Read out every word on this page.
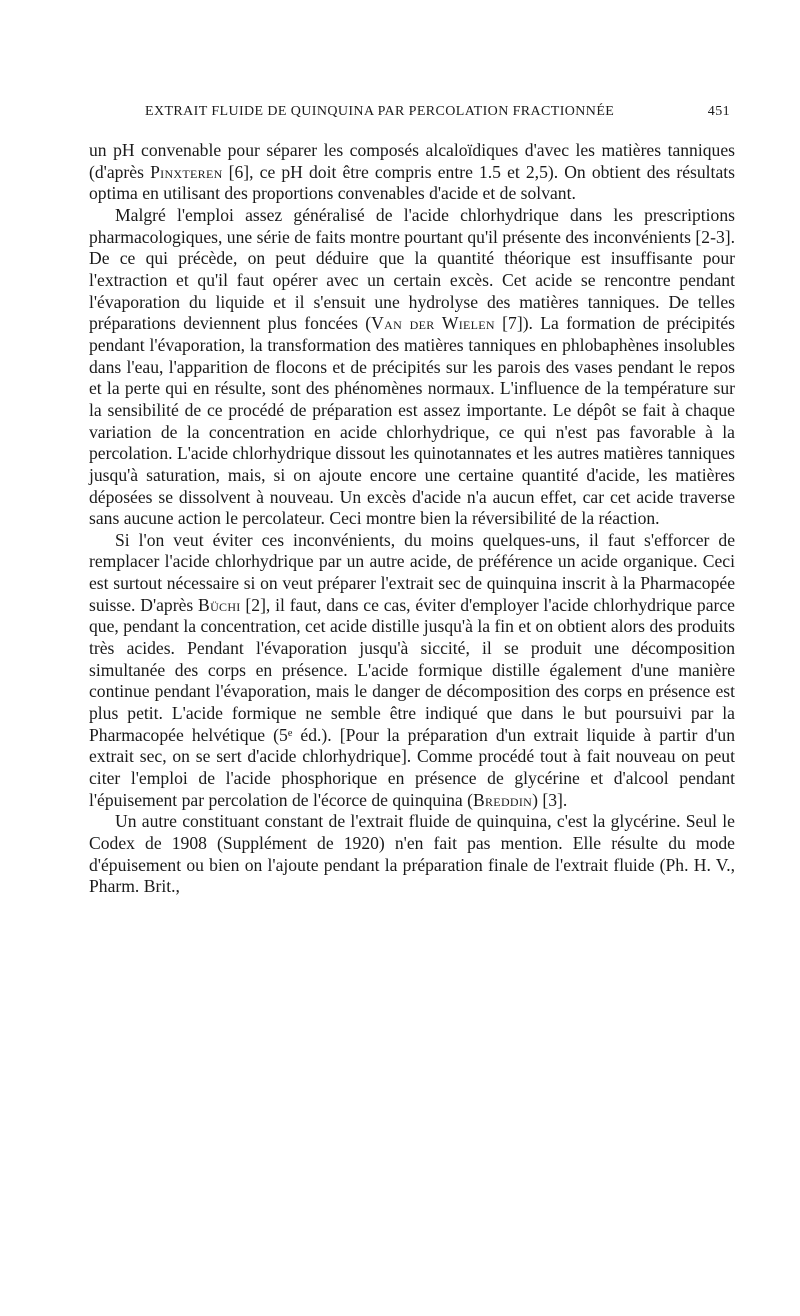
EXTRAIT FLUIDE DE QUINQUINA PAR PERCOLATION FRACTIONNÉE	451

un pH convenable pour séparer les composés alcaloïdiques d'avec les matières tanniques (d'après Pinxteren [6], ce pH doit être compris entre 1.5 et 2,5). On obtient des résultats optima en utilisant des proportions convenables d'acide et de solvant.

Malgré l'emploi assez généralisé de l'acide chlorhydrique dans les prescriptions pharmacologiques, une série de faits montre pourtant qu'il présente des inconvénients [2-3]. De ce qui précède, on peut déduire que la quantité théorique est insuffisante pour l'extraction et qu'il faut opérer avec un certain excès. Cet acide se rencontre pendant l'évaporation du liquide et il s'ensuit une hydrolyse des matières tanniques. De telles préparations deviennent plus foncées (Van der Wielen [7]). La formation de précipités pendant l'évaporation, la transformation des matières tanniques en phlobaphènes insolubles dans l'eau, l'apparition de flocons et de précipités sur les parois des vases pendant le repos et la perte qui en résulte, sont des phénomènes normaux. L'influence de la température sur la sensibilité de ce procédé de préparation est assez importante. Le dépôt se fait à chaque variation de la concentration en acide chlorhydrique, ce qui n'est pas favorable à la percolation. L'acide chlorhydrique dissout les quinotannates et les autres matières tanniques jusqu'à saturation, mais, si on ajoute encore une certaine quantité d'acide, les matières déposées se dissolvent à nouveau. Un excès d'acide n'a aucun effet, car cet acide traverse sans aucune action le percolateur. Ceci montre bien la réversibilité de la réaction.

Si l'on veut éviter ces inconvénients, du moins quelques-uns, il faut s'efforcer de remplacer l'acide chlorhydrique par un autre acide, de préférence un acide organique. Ceci est surtout nécessaire si on veut préparer l'extrait sec de quinquina inscrit à la Pharmacopée suisse. D'après Büchi [2], il faut, dans ce cas, éviter d'employer l'acide chlorhydrique parce que, pendant la concentration, cet acide distille jusqu'à la fin et on obtient alors des produits très acides. Pendant l'évaporation jusqu'à siccité, il se produit une décomposition simultanée des corps en présence. L'acide formique distille également d'une manière continue pendant l'évaporation, mais le danger de décomposition des corps en présence est plus petit. L'acide formique ne semble être indiqué que dans le but poursuivi par la Pharmacopée helvétique (5ᵉ éd.). [Pour la préparation d'un extrait liquide à partir d'un extrait sec, on se sert d'acide chlorhydrique]. Comme procédé tout à fait nouveau on peut citer l'emploi de l'acide phosphorique en présence de glycérine et d'alcool pendant l'épuisement par percolation de l'écorce de quinquina (Breddin) [3].

Un autre constituant constant de l'extrait fluide de quinquina, c'est la glycérine. Seul le Codex de 1908 (Supplément de 1920) n'en fait pas mention. Elle résulte du mode d'épuisement ou bien on l'ajoute pendant la préparation finale de l'extrait fluide (Ph. H. V., Pharm. Brit.,
